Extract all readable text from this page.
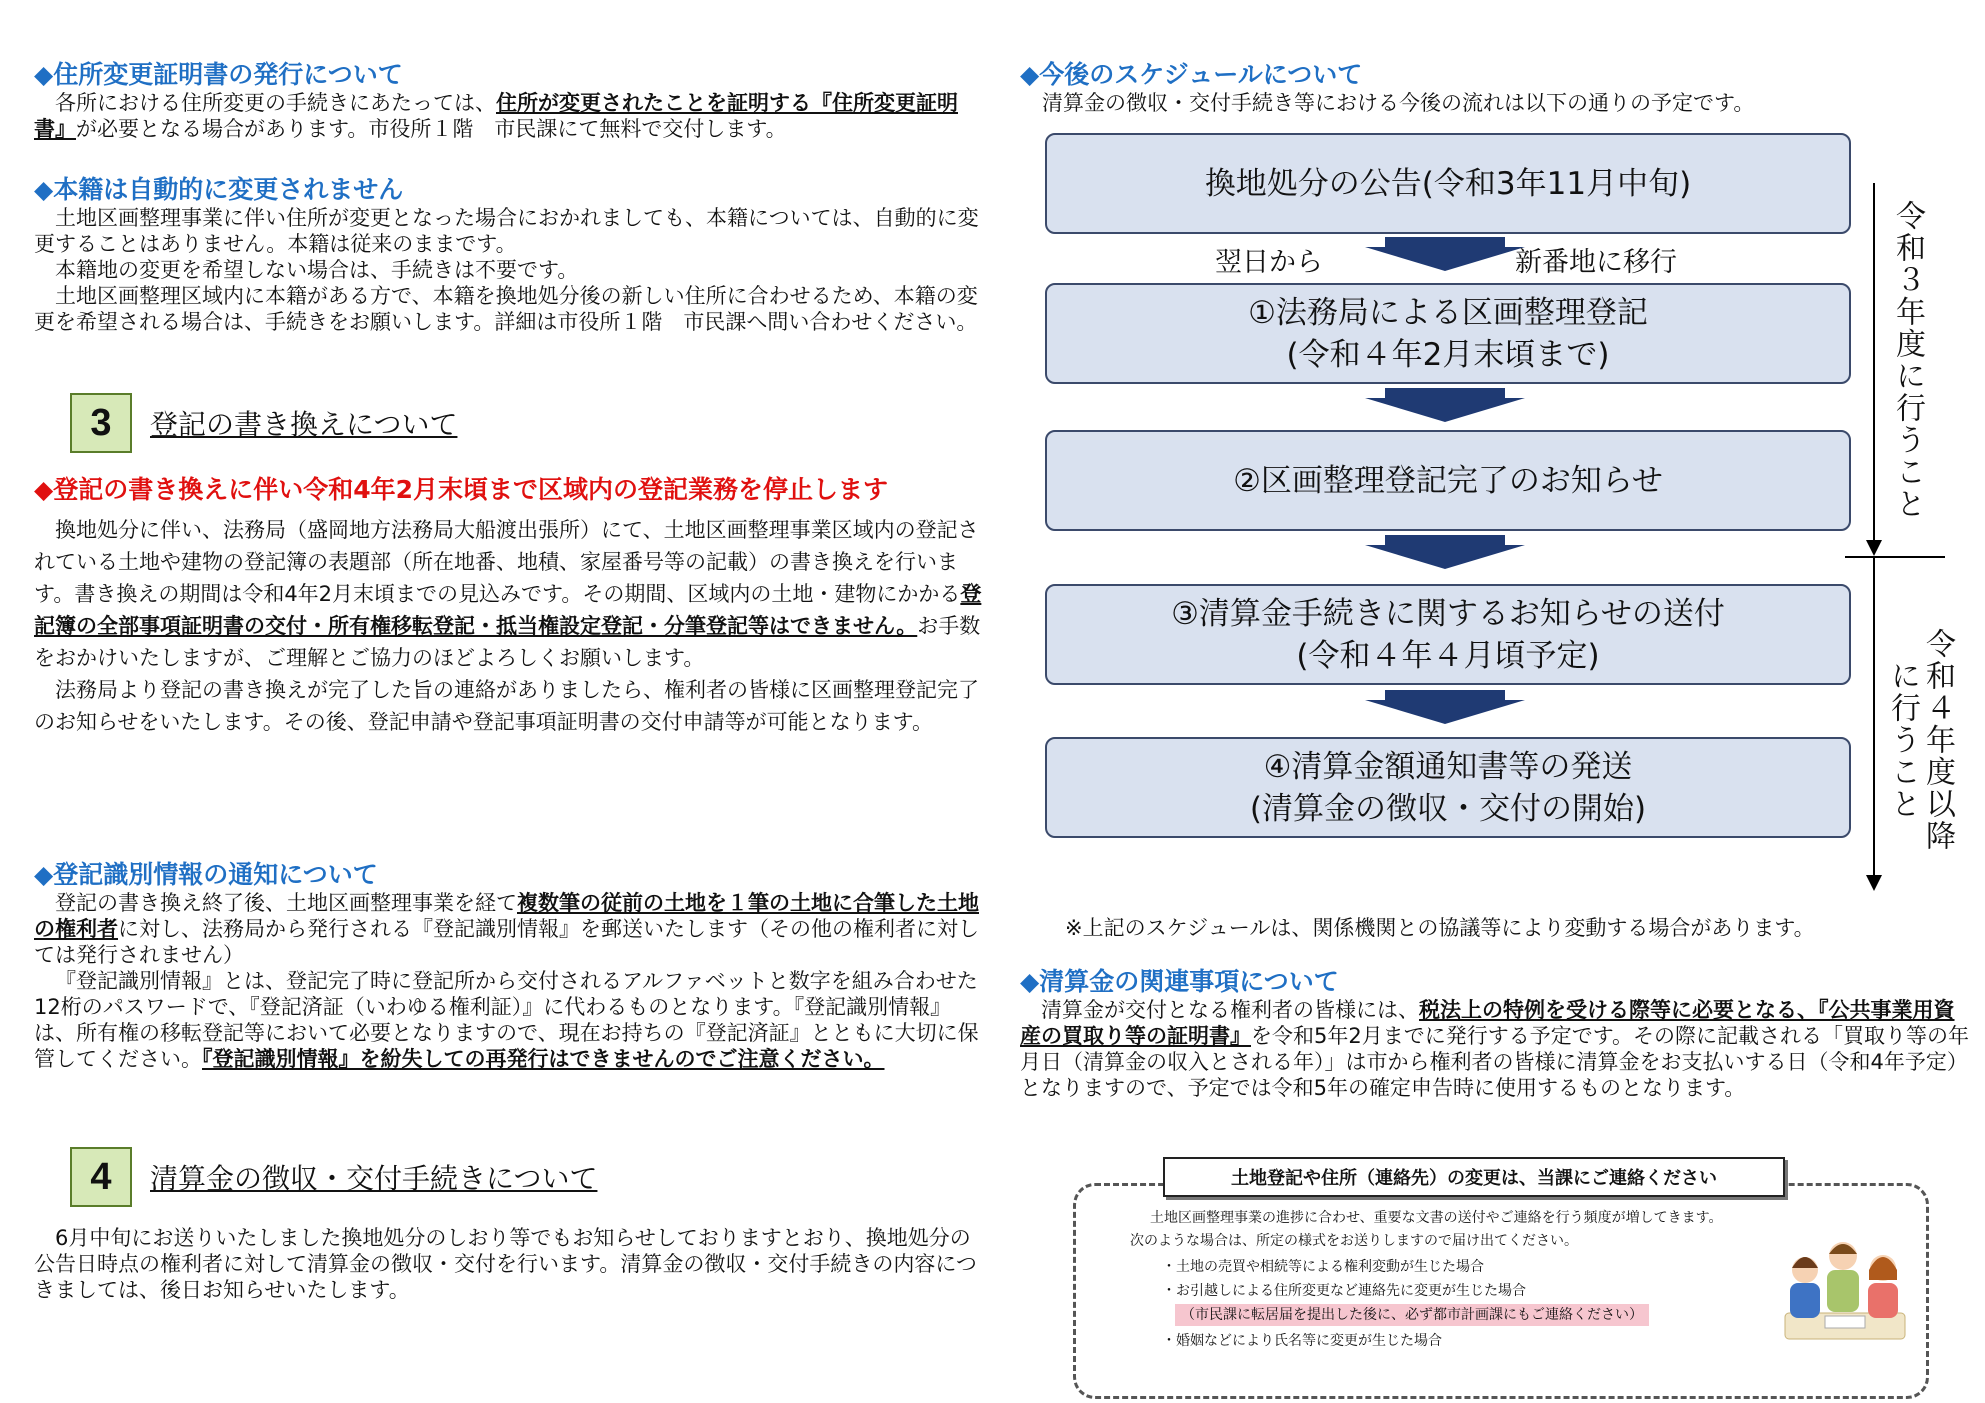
◆住所変更証明書の発行について

各所における住所変更の手続きにあたっては、住所が変更されたことを証明する『住所変更証明書』が必要となる場合があります。市役所１階　市民課にて無料で交付します。

◆本籍は自動的に変更されません

土地区画整理事業に伴い住所が変更となった場合におかれましても、本籍については、自動的に変更することはありません。本籍は従来のままです。

本籍地の変更を希望しない場合は、手続きは不要です。

土地区画整理区域内に本籍がある方で、本籍を換地処分後の新しい住所に合わせるため、本籍の変更を希望される場合は、手続きをお願いします。詳細は市役所１階　市民課へ問い合わせください。

3	登記の書き換えについて

◆登記の書き換えに伴い令和4年2月末頃まで区域内の登記業務を停止します

換地処分に伴い、法務局（盛岡地方法務局大船渡出張所）にて、土地区画整理事業区域内の登記されている土地や建物の登記簿の表題部（所在地番、地積、家屋番号等の記載）の書き換えを行います。書き換えの期間は令和4年2月末頃までの見込みです。その期間、区域内の土地・建物にかかる登記簿の全部事項証明書の交付・所有権移転登記・抵当権設定登記・分筆登記等はできません。お手数をおかけいたしますが、ご理解とご協力のほどよろしくお願いします。

法務局より登記の書き換えが完了した旨の連絡がありましたら、権利者の皆様に区画整理登記完了のお知らせをいたします。その後、登記申請や登記事項証明書の交付申請等が可能となります。

◆登記識別情報の通知について

登記の書き換え終了後、土地区画整理事業を経て複数筆の従前の土地を１筆の土地に合筆した土地の権利者に対し、法務局から発行される『登記識別情報』を郵送いたします（その他の権利者に対しては発行されません）

『登記識別情報』とは、登記完了時に登記所から交付されるアルファベットと数字を組み合わせた12桁のパスワードで、『登記済証（いわゆる権利証）』に代わるものとなります。『登記識別情報』は、所有権の移転登記等において必要となりますので、現在お持ちの『登記済証』とともに大切に保管してください。『登記識別情報』を紛失しての再発行はできませんのでご注意ください。

4	清算金の徴収・交付手続きについて

6月中旬にお送りいたしました換地処分のしおり等でもお知らせしておりますとおり、換地処分の公告日時点の権利者に対して清算金の徴収・交付を行います。清算金の徴収・交付手続きの内容につきましては、後日お知らせいたします。

◆今後のスケジュールについて

清算金の徴収・交付手続き等における今後の流れは以下の通りの予定です。

換地処分の公告(令和3年11月中旬)
翌日から	新番地に移行
①法務局による区画整理登記
(令和４年2月末頃まで)
②区画整理登記完了のお知らせ
③清算金手続きに関するお知らせの送付
(令和４年４月頃予定)
④清算金額通知書等の発送
(清算金の徴収・交付の開始)
令和３年度に行うこと
令和４年度以降
に行うこと
※上記のスケジュールは、関係機関との協議等により変動する場合があります。

◆清算金の関連事項について

清算金が交付となる権利者の皆様には、税法上の特例を受ける際等に必要となる、『公共事業用資産の買取り等の証明書』を令和5年2月までに発行する予定です。その際に記載される「買取り等の年月日（清算金の収入とされる年）」は市から権利者の皆様に清算金をお支払いする日（令和4年予定）となりますので、予定では令和5年の確定申告時に使用するものとなります。

土地登記や住所（連絡先）の変更は、当課にご連絡ください
土地区画整理事業の進捗に合わせ、重要な文書の送付やご連絡を行う頻度が増してきます。
次のような場合は、所定の様式をお送りしますので届け出てください。
・土地の売買や相続等による権利変動が生じた場合
・お引越しによる住所変更など連絡先に変更が生じた場合
（市民課に転居届を提出した後に、必ず都市計画課にもご連絡ください）
・婚姻などにより氏名等に変更が生じた場合
